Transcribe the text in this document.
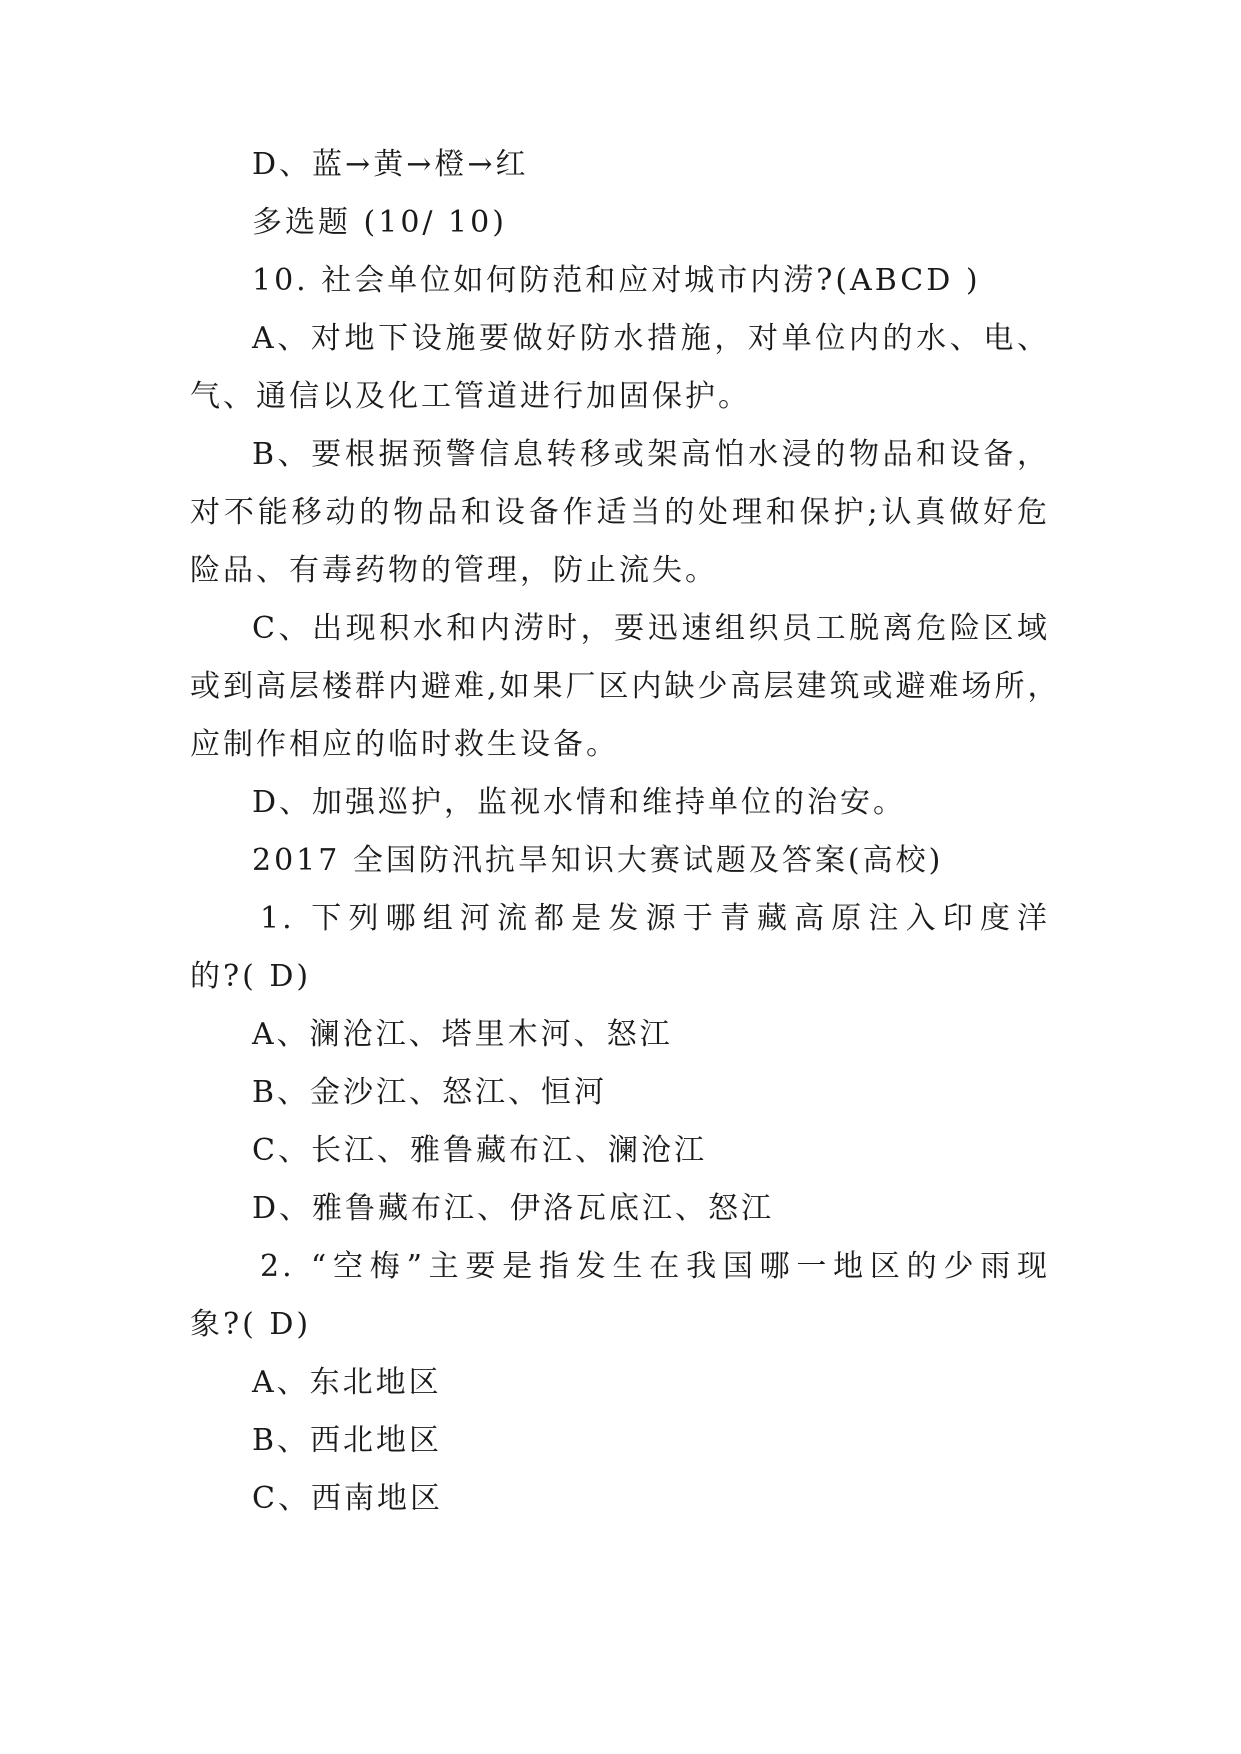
D、蓝→黄→橙→红
多选题 (10/ 10)
10. 社会单位如何防范和应对城市内涝?(ABCD )
A、对地下设施要做好防水措施，对单位内的水、电、
气、通信以及化工管道进行加固保护。
B、要根据预警信息转移或架高怕水浸的物品和设备，
对不能移动的物品和设备作适当的处理和保护;认真做好危
险品、有毒药物的管理，防止流失。
C、出现积水和内涝时，要迅速组织员工脱离危险区域
或到高层楼群内避难,如果厂区内缺少高层建筑或避难场所，
应制作相应的临时救生设备。
D、加强巡护，监视水情和维持单位的治安。
2017 全国防汛抗旱知识大赛试题及答案(高校)
1. 下列哪组河流都是发源于青藏高原注入印度洋
的?( D)
A、澜沧江、塔里木河、怒江
B、金沙江、怒江、恒河
C、长江、雅鲁藏布江、澜沧江
D、雅鲁藏布江、伊洛瓦底江、怒江
2. “空梅”主要是指发生在我国哪一地区的少雨现
象?( D)
A、东北地区
B、西北地区
C、西南地区
